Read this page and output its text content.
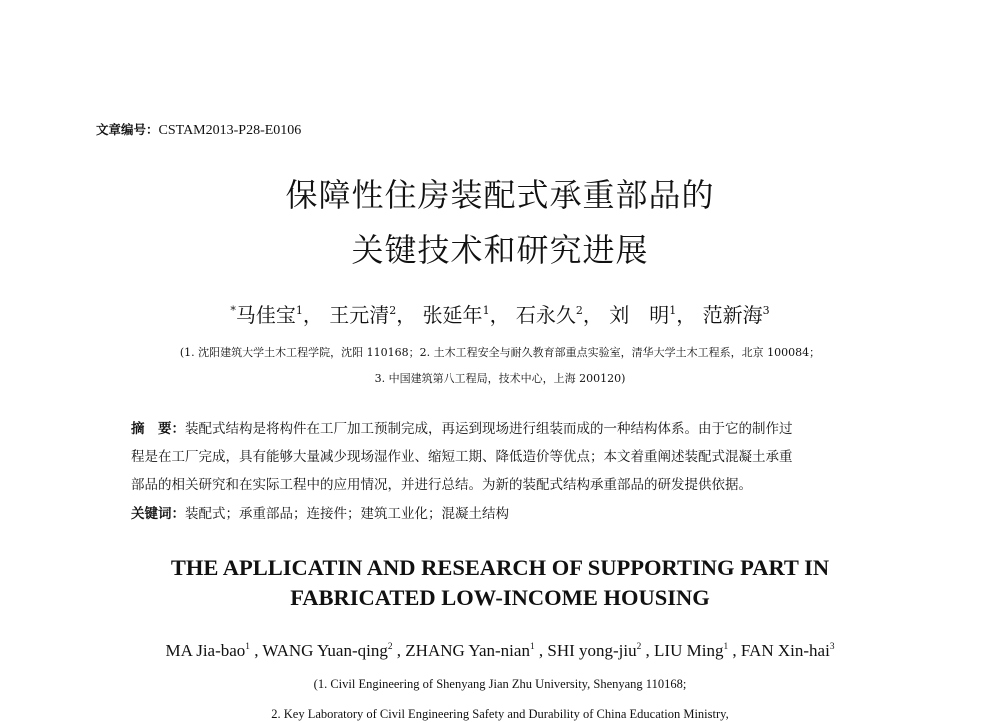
文章编号：CSTAM2013-P28-E0106
保障性住房装配式承重部品的
关键技术和研究进展
*马佳宝$^1$， 王元清$^2$， 张延年$^1$， 石永久$^2$， 刘　明$^1$， 范新海$^3$
(1. 沈阳建筑大学土木工程学院，沈阳 110168；2. 土木工程安全与耐久教育部重点实验室，清华大学土木工程系，北京 100084；
3. 中国建筑第八工程局，技术中心，上海 200120)
摘　要：装配式结构是将构件在工厂加工预制完成，再运到现场进行组装而成的一种结构体系。由于它的制作过
程是在工厂完成，具有能够大量减少现场湿作业、缩短工期、降低造价等优点；本文着重阐述装配式混凝土承重
部品的相关研究和在实际工程中的应用情况，并进行总结。为新的装配式结构承重部品的研发提供依据。
关键词：装配式；承重部品；连接件；建筑工业化；混凝土结构
THE APLLICATIN AND RESEARCH OF SUPPORTING PART IN
FABRICATED LOW-INCOME HOUSING
MA Jia-bao$^1$ , WANG Yuan-qing$^2$ , ZHANG Yan-nian$^1$ , SHI yong-jiu$^2$ , LIU Ming$^1$ , FAN Xin-hai$^3$
(1. Civil Engineering of Shenyang Jian Zhu University, Shenyang 110168;
2. Key Laboratory of Civil Engineering Safety and Durability of China Education Ministry,
